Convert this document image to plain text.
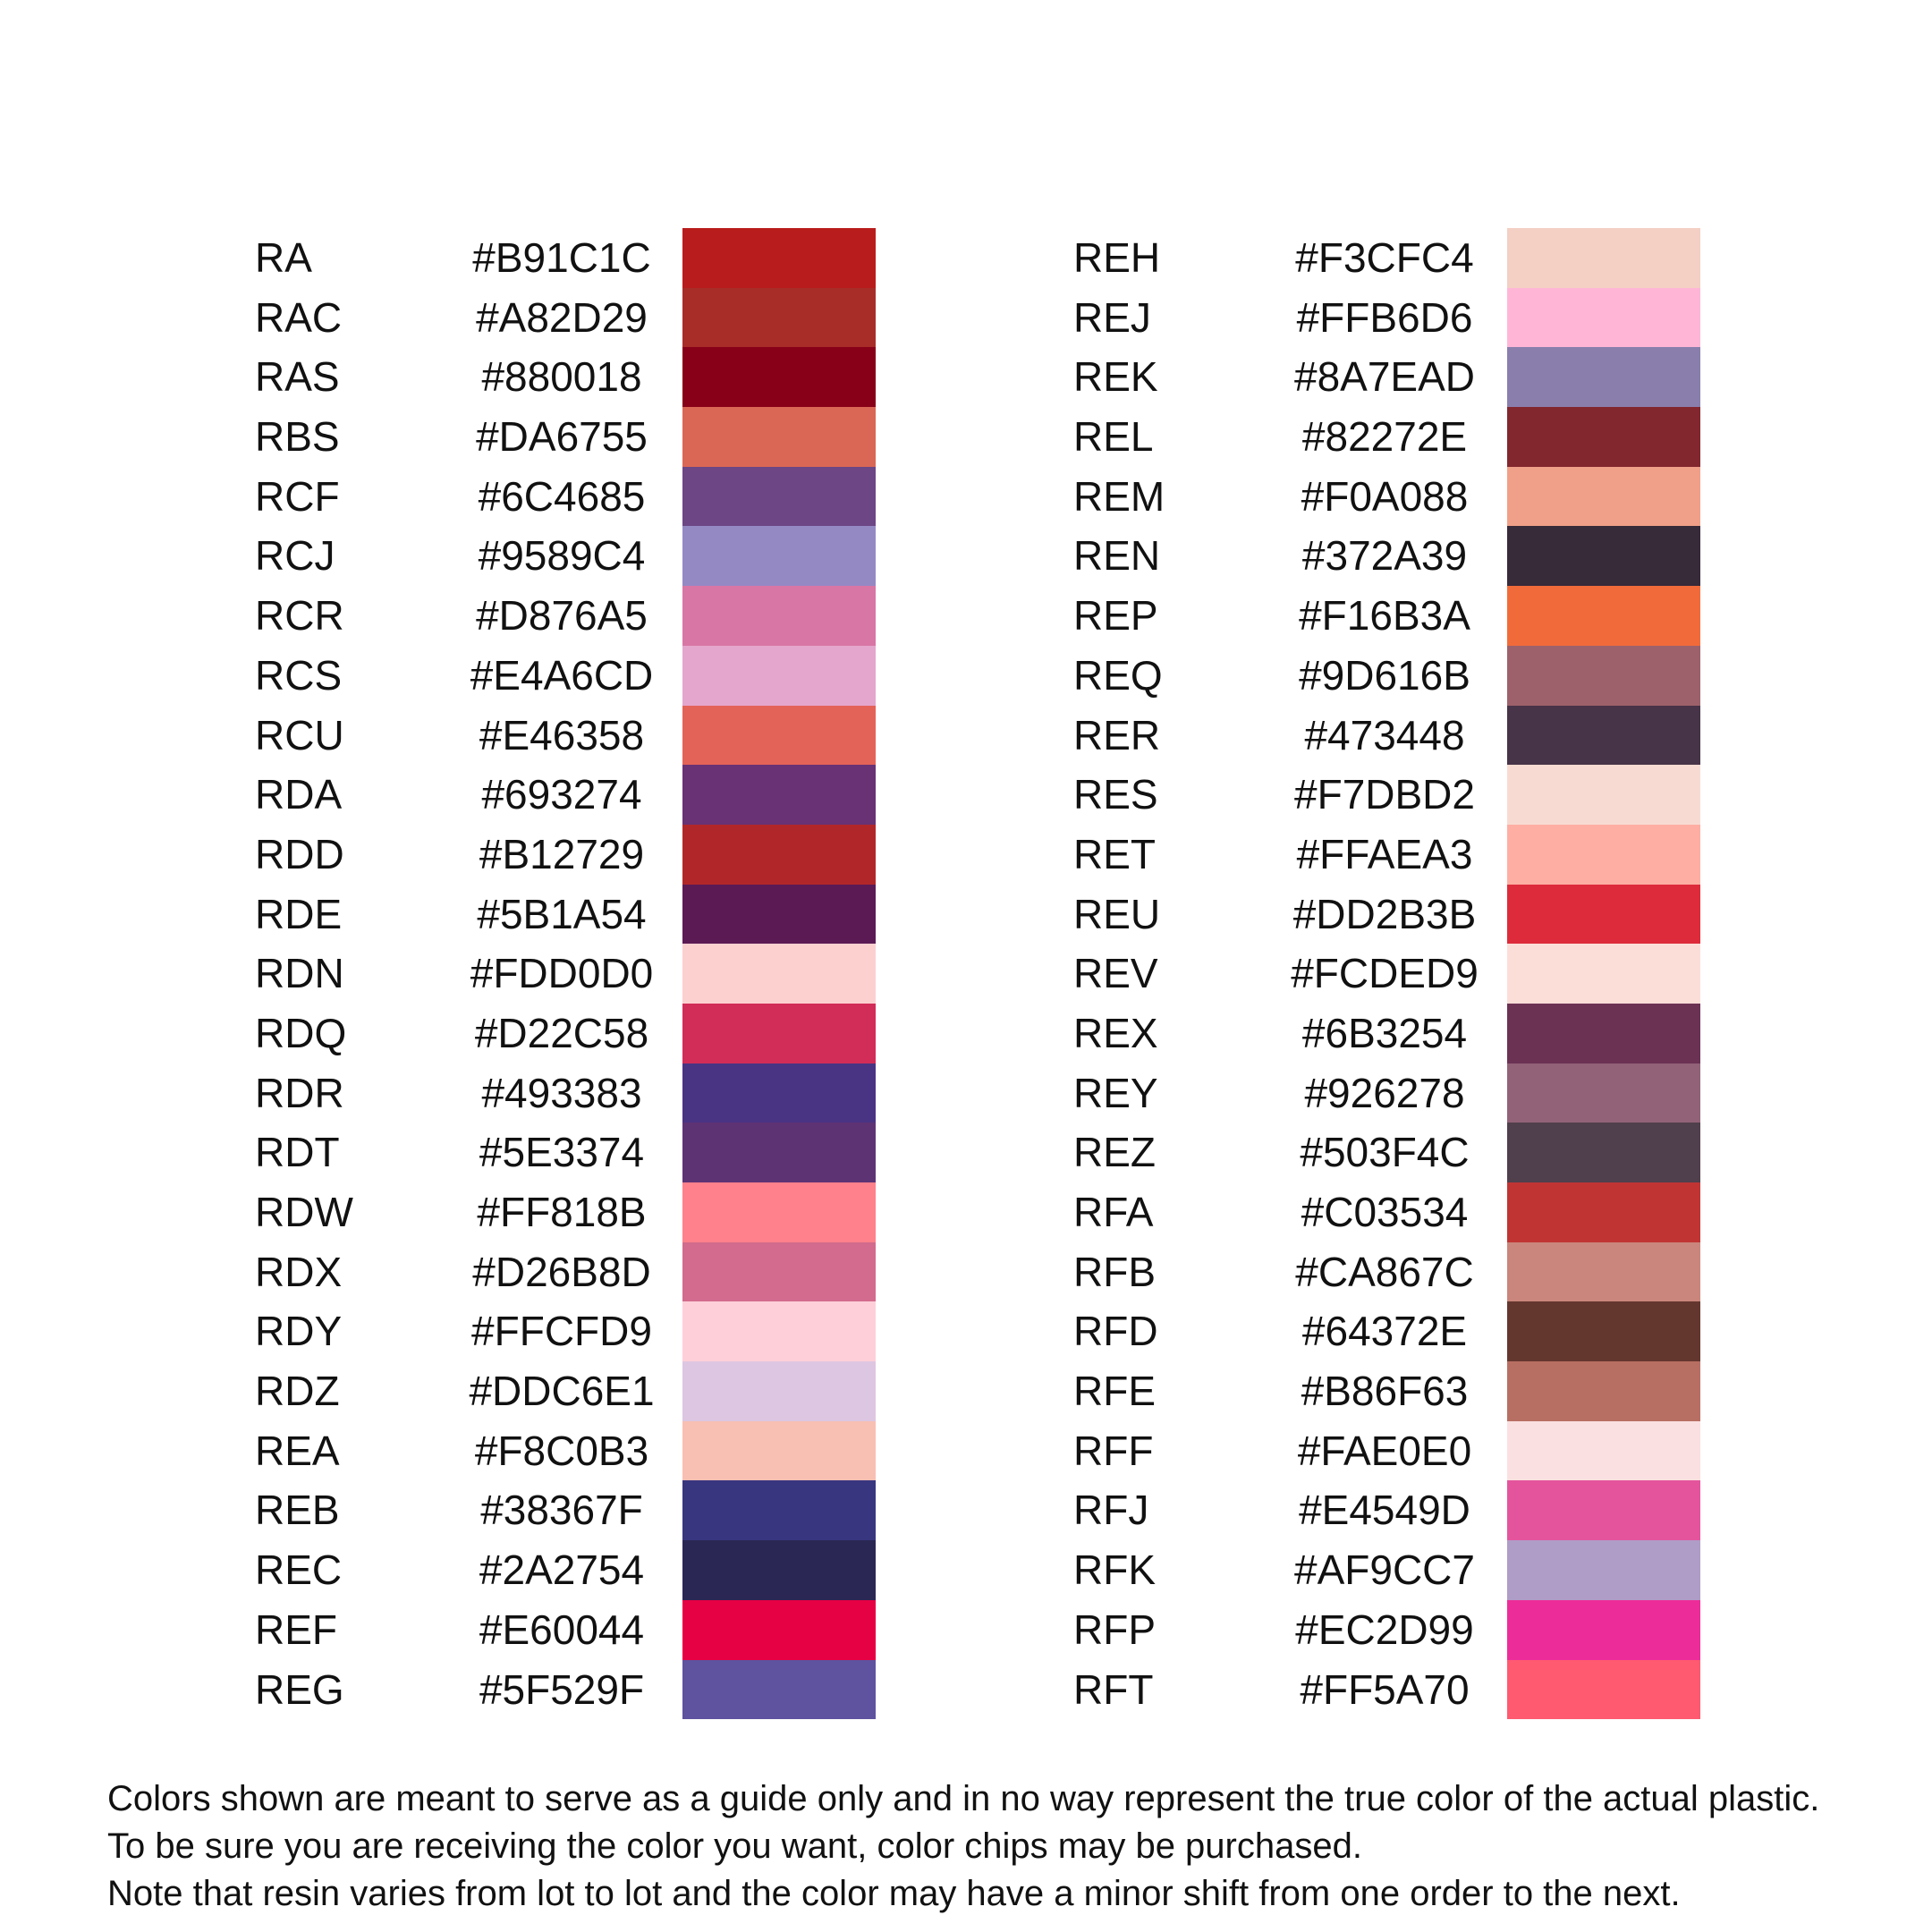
RA	#B91C1C
RAC	#A82D29
RAS	#880018
RBS	#DA6755
RCF	#6C4685
RCJ	#9589C4
RCR	#D876A5
RCS	#E4A6CD
RCU	#E46358
RDA	#693274
RDD	#B12729
RDE	#5B1A54
RDN	#FDD0D0
RDQ	#D22C58
RDR	#493383
RDT	#5E3374
RDW	#FF818B
RDX	#D26B8D
RDY	#FFCFD9
RDZ	#DDC6E1
REA	#F8C0B3
REB	#38367F
REC	#2A2754
REF	#E60044
REG	#5F529F
REH	#F3CFC4
REJ	#FFB6D6
REK	#8A7EAD
REL	#82272E
REM	#F0A088
REN	#372A39
REP	#F16B3A
REQ	#9D616B
RER	#473448
RES	#F7DBD2
RET	#FFAEA3
REU	#DD2B3B
REV	#FCDED9
REX	#6B3254
REY	#926278
REZ	#503F4C
RFA	#C03534
RFB	#CA867C
RFD	#64372E
RFE	#B86F63
RFF	#FAE0E0
RFJ	#E4549D
RFK	#AF9CC7
RFP	#EC2D99
RFT	#FF5A70
Colors shown are meant to serve as a guide only and in no way represent the true color of the actual plastic.
To be sure you are receiving the color you want, color chips may be purchased.
Note that resin varies from lot to lot and the color may have a minor shift from one order to the next.
